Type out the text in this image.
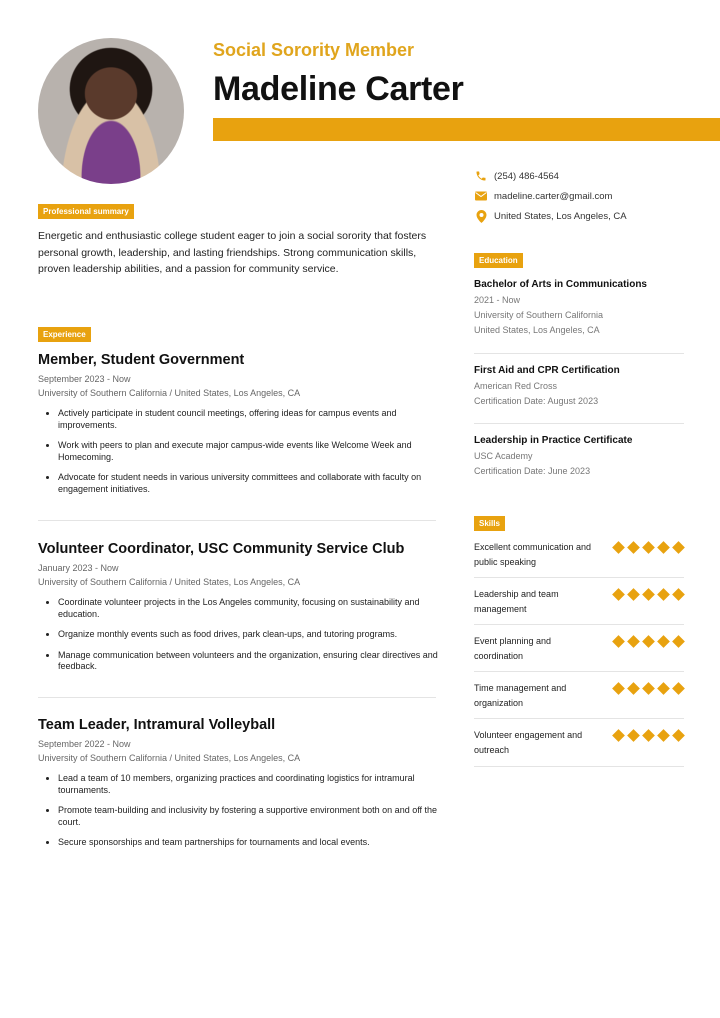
Social Sorority Member
Madeline Carter
(254) 486-4564
madeline.carter@gmail.com
United States, Los Angeles, CA
Professional summary
Energetic and enthusiastic college student eager to join a social sorority that fosters personal growth, leadership, and lasting friendships. Strong communication skills, proven leadership abilities, and a passion for community service.
Experience
Member, Student Government
September 2023 - Now
University of Southern California / United States, Los Angeles, CA
Actively participate in student council meetings, offering ideas for campus events and improvements.
Work with peers to plan and execute major campus-wide events like Welcome Week and Homecoming.
Advocate for student needs in various university committees and collaborate with faculty on engagement initiatives.
Volunteer Coordinator, USC Community Service Club
January 2023 - Now
University of Southern California / United States, Los Angeles, CA
Coordinate volunteer projects in the Los Angeles community, focusing on sustainability and education.
Organize monthly events such as food drives, park clean-ups, and tutoring programs.
Manage communication between volunteers and the organization, ensuring clear directives and feedback.
Team Leader, Intramural Volleyball
September 2022 - Now
University of Southern California / United States, Los Angeles, CA
Lead a team of 10 members, organizing practices and coordinating logistics for intramural tournaments.
Promote team-building and inclusivity by fostering a supportive environment both on and off the court.
Secure sponsorships and team partnerships for tournaments and local events.
Education
Bachelor of Arts in Communications
2021 - Now
University of Southern California
United States, Los Angeles, CA
First Aid and CPR Certification
American Red Cross
Certification Date: August 2023
Leadership in Practice Certificate
USC Academy
Certification Date: June 2023
Skills
Excellent communication and public speaking
Leadership and team management
Event planning and coordination
Time management and organization
Volunteer engagement and outreach
